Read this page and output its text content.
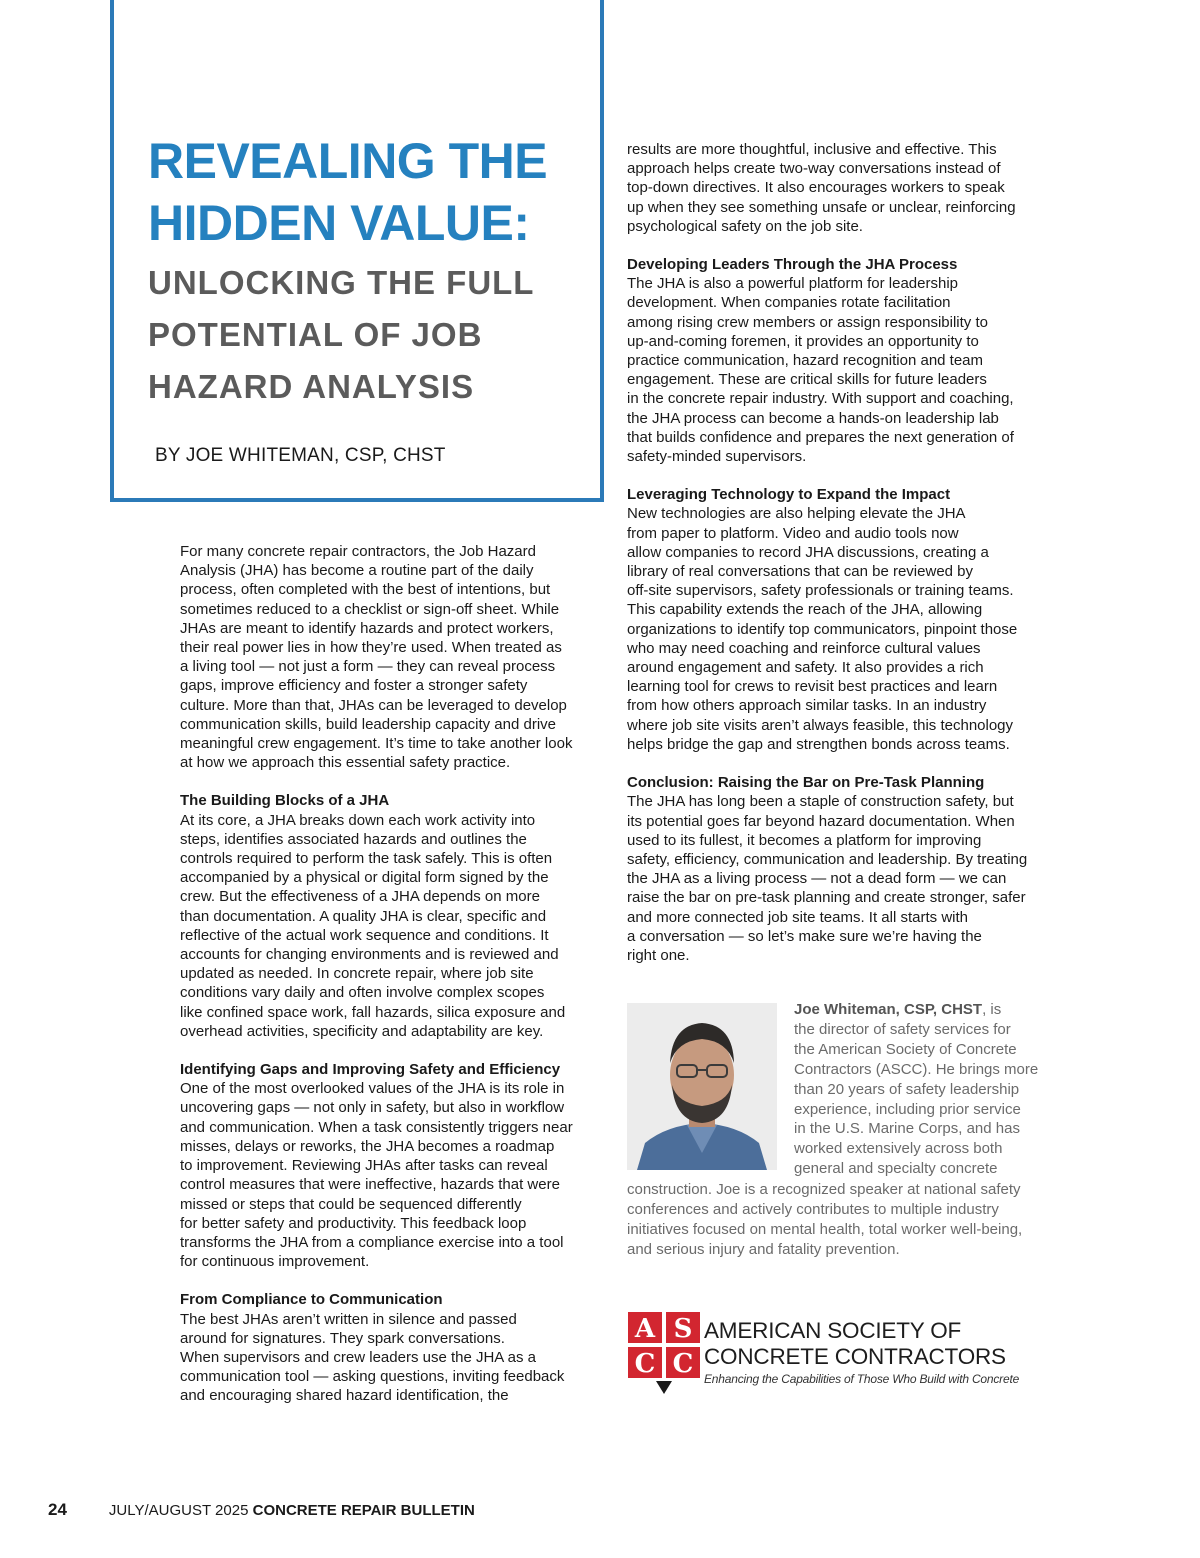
REVEALING THE
HIDDEN VALUE:
UNLOCKING THE FULL
POTENTIAL OF JOB
HAZARD ANALYSIS
BY JOE WHITEMAN, CSP, CHST

For many concrete repair contractors, the Job Hazard
Analysis (JHA) has become a routine part of the daily
process, often completed with the best of intentions, but
sometimes reduced to a checklist or sign-off sheet. While
JHAs are meant to identify hazards and protect workers,
their real power lies in how they’re used. When treated as
a living tool — not just a form — they can reveal process
gaps, improve efficiency and foster a stronger safety
culture. More than that, JHAs can be leveraged to develop
communication skills, build leadership capacity and drive
meaningful crew engagement. It’s time to take another look
at how we approach this essential safety practice.

The Building Blocks of a JHA

At its core, a JHA breaks down each work activity into
steps, identifies associated hazards and outlines the
controls required to perform the task safely. This is often
accompanied by a physical or digital form signed by the
crew. But the effectiveness of a JHA depends on more
than documentation. A quality JHA is clear, specific and
reflective of the actual work sequence and conditions. It
accounts for changing environments and is reviewed and
updated as needed. In concrete repair, where job site
conditions vary daily and often involve complex scopes
like confined space work, fall hazards, silica exposure and
overhead activities, specificity and adaptability are key.

Identifying Gaps and Improving Safety and Efficiency

One of the most overlooked values of the JHA is its role in
uncovering gaps — not only in safety, but also in workflow
and communication. When a task consistently triggers near
misses, delays or reworks, the JHA becomes a roadmap
to improvement. Reviewing JHAs after tasks can reveal
control measures that were ineffective, hazards that were
missed or steps that could be sequenced differently
for better safety and productivity. This feedback loop
transforms the JHA from a compliance exercise into a tool
for continuous improvement.

From Compliance to Communication

The best JHAs aren’t written in silence and passed
around for signatures. They spark conversations.
When supervisors and crew leaders use the JHA as a
communication tool — asking questions, inviting feedback
and encouraging shared hazard identification, the

results are more thoughtful, inclusive and effective. This
approach helps create two-way conversations instead of
top-down directives. It also encourages workers to speak
up when they see something unsafe or unclear, reinforcing
psychological safety on the job site.

Developing Leaders Through the JHA Process

The JHA is also a powerful platform for leadership
development. When companies rotate facilitation
among rising crew members or assign responsibility to
up-and-coming foremen, it provides an opportunity to
practice communication, hazard recognition and team
engagement. These are critical skills for future leaders
in the concrete repair industry. With support and coaching,
the JHA process can become a hands-on leadership lab
that builds confidence and prepares the next generation of
safety-minded supervisors.

Leveraging Technology to Expand the Impact

New technologies are also helping elevate the JHA
from paper to platform. Video and audio tools now
allow companies to record JHA discussions, creating a
library of real conversations that can be reviewed by
off-site supervisors, safety professionals or training teams.
This capability extends the reach of the JHA, allowing
organizations to identify top communicators, pinpoint those
who may need coaching and reinforce cultural values
around engagement and safety. It also provides a rich
learning tool for crews to revisit best practices and learn
from how others approach similar tasks. In an industry
where job site visits aren’t always feasible, this technology
helps bridge the gap and strengthen bonds across teams.

Conclusion: Raising the Bar on Pre-Task Planning

The JHA has long been a staple of construction safety, but
its potential goes far beyond hazard documentation. When
used to its fullest, it becomes a platform for improving
safety, efficiency, communication and leadership. By treating
the JHA as a living process — not a dead form — we can
raise the bar on pre-task planning and create stronger, safer
and more connected job site teams. It all starts with
a conversation — so let’s make sure we’re having the
right one.

Joe Whiteman, CSP, CHST, is
the director of safety services for
the American Society of Concrete
Contractors (ASCC). He brings more
than 20 years of safety leadership
experience, including prior service
in the U.S. Marine Corps, and has
worked extensively across both
general and specialty concrete
construction. Joe is a recognized speaker at national safety
conferences and actively contributes to multiple industry
initiatives focused on mental health, total worker well-being,
and serious injury and fatality prevention.
A S
C C
AMERICAN SOCIETY OF
CONCRETE CONTRACTORS
Enhancing the Capabilities of Those Who Build with Concrete
24	JULY/AUGUST 2025 CONCRETE REPAIR BULLETIN
